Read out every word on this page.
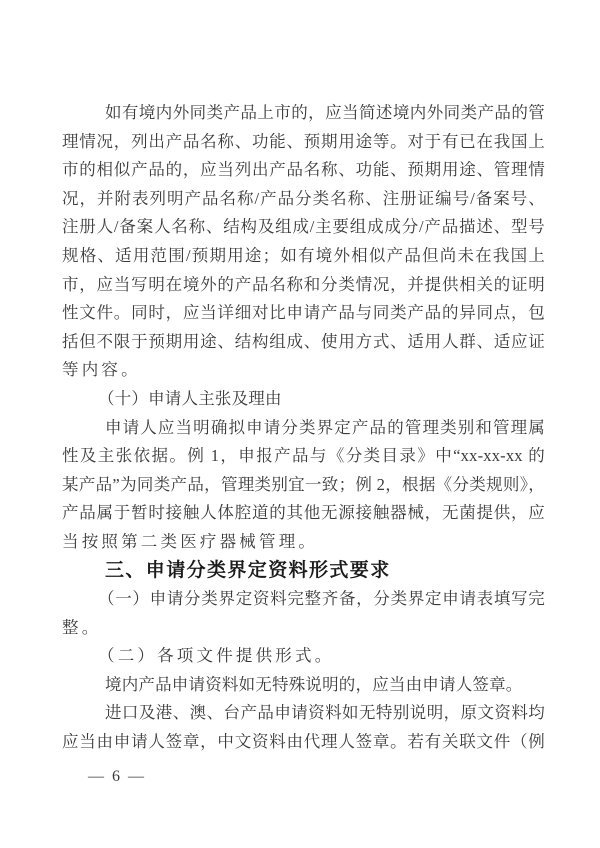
如有境内外同类产品上市的，应当简述境内外同类产品的管
理情况，列出产品名称、功能、预期用途等。对于有已在我国上
市的相似产品的，应当列出产品名称、功能、预期用途、管理情
况，并附表列明产品名称/产品分类名称、注册证编号/备案号、
注册人/备案人名称、结构及组成/主要组成成分/产品描述、型号
规格、适用范围/预期用途；如有境外相似产品但尚未在我国上
市，应当写明在境外的产品名称和分类情况，并提供相关的证明
性文件。同时，应当详细对比申请产品与同类产品的异同点，包
括但不限于预期用途、结构组成、使用方式、适用人群、适应证
等内容。
（十）申请人主张及理由
申请人应当明确拟申请分类界定产品的管理类别和管理属
性及主张依据。例 1，申报产品与《分类目录》中“xx-xx-xx 的
某产品”为同类产品，管理类别宜一致；例 2，根据《分类规则》，
产品属于暂时接触人体腔道的其他无源接触器械，无菌提供，应
当按照第二类医疗器械管理。
三、申请分类界定资料形式要求
（一）申请分类界定资料完整齐备，分类界定申请表填写完
整。
（二）各项文件提供形式。
境内产品申请资料如无特殊说明的，应当由申请人签章。
进口及港、澳、台产品申请资料如无特别说明，原文资料均
应当由申请人签章，中文资料由代理人签章。若有关联文件（例
— 6 —
